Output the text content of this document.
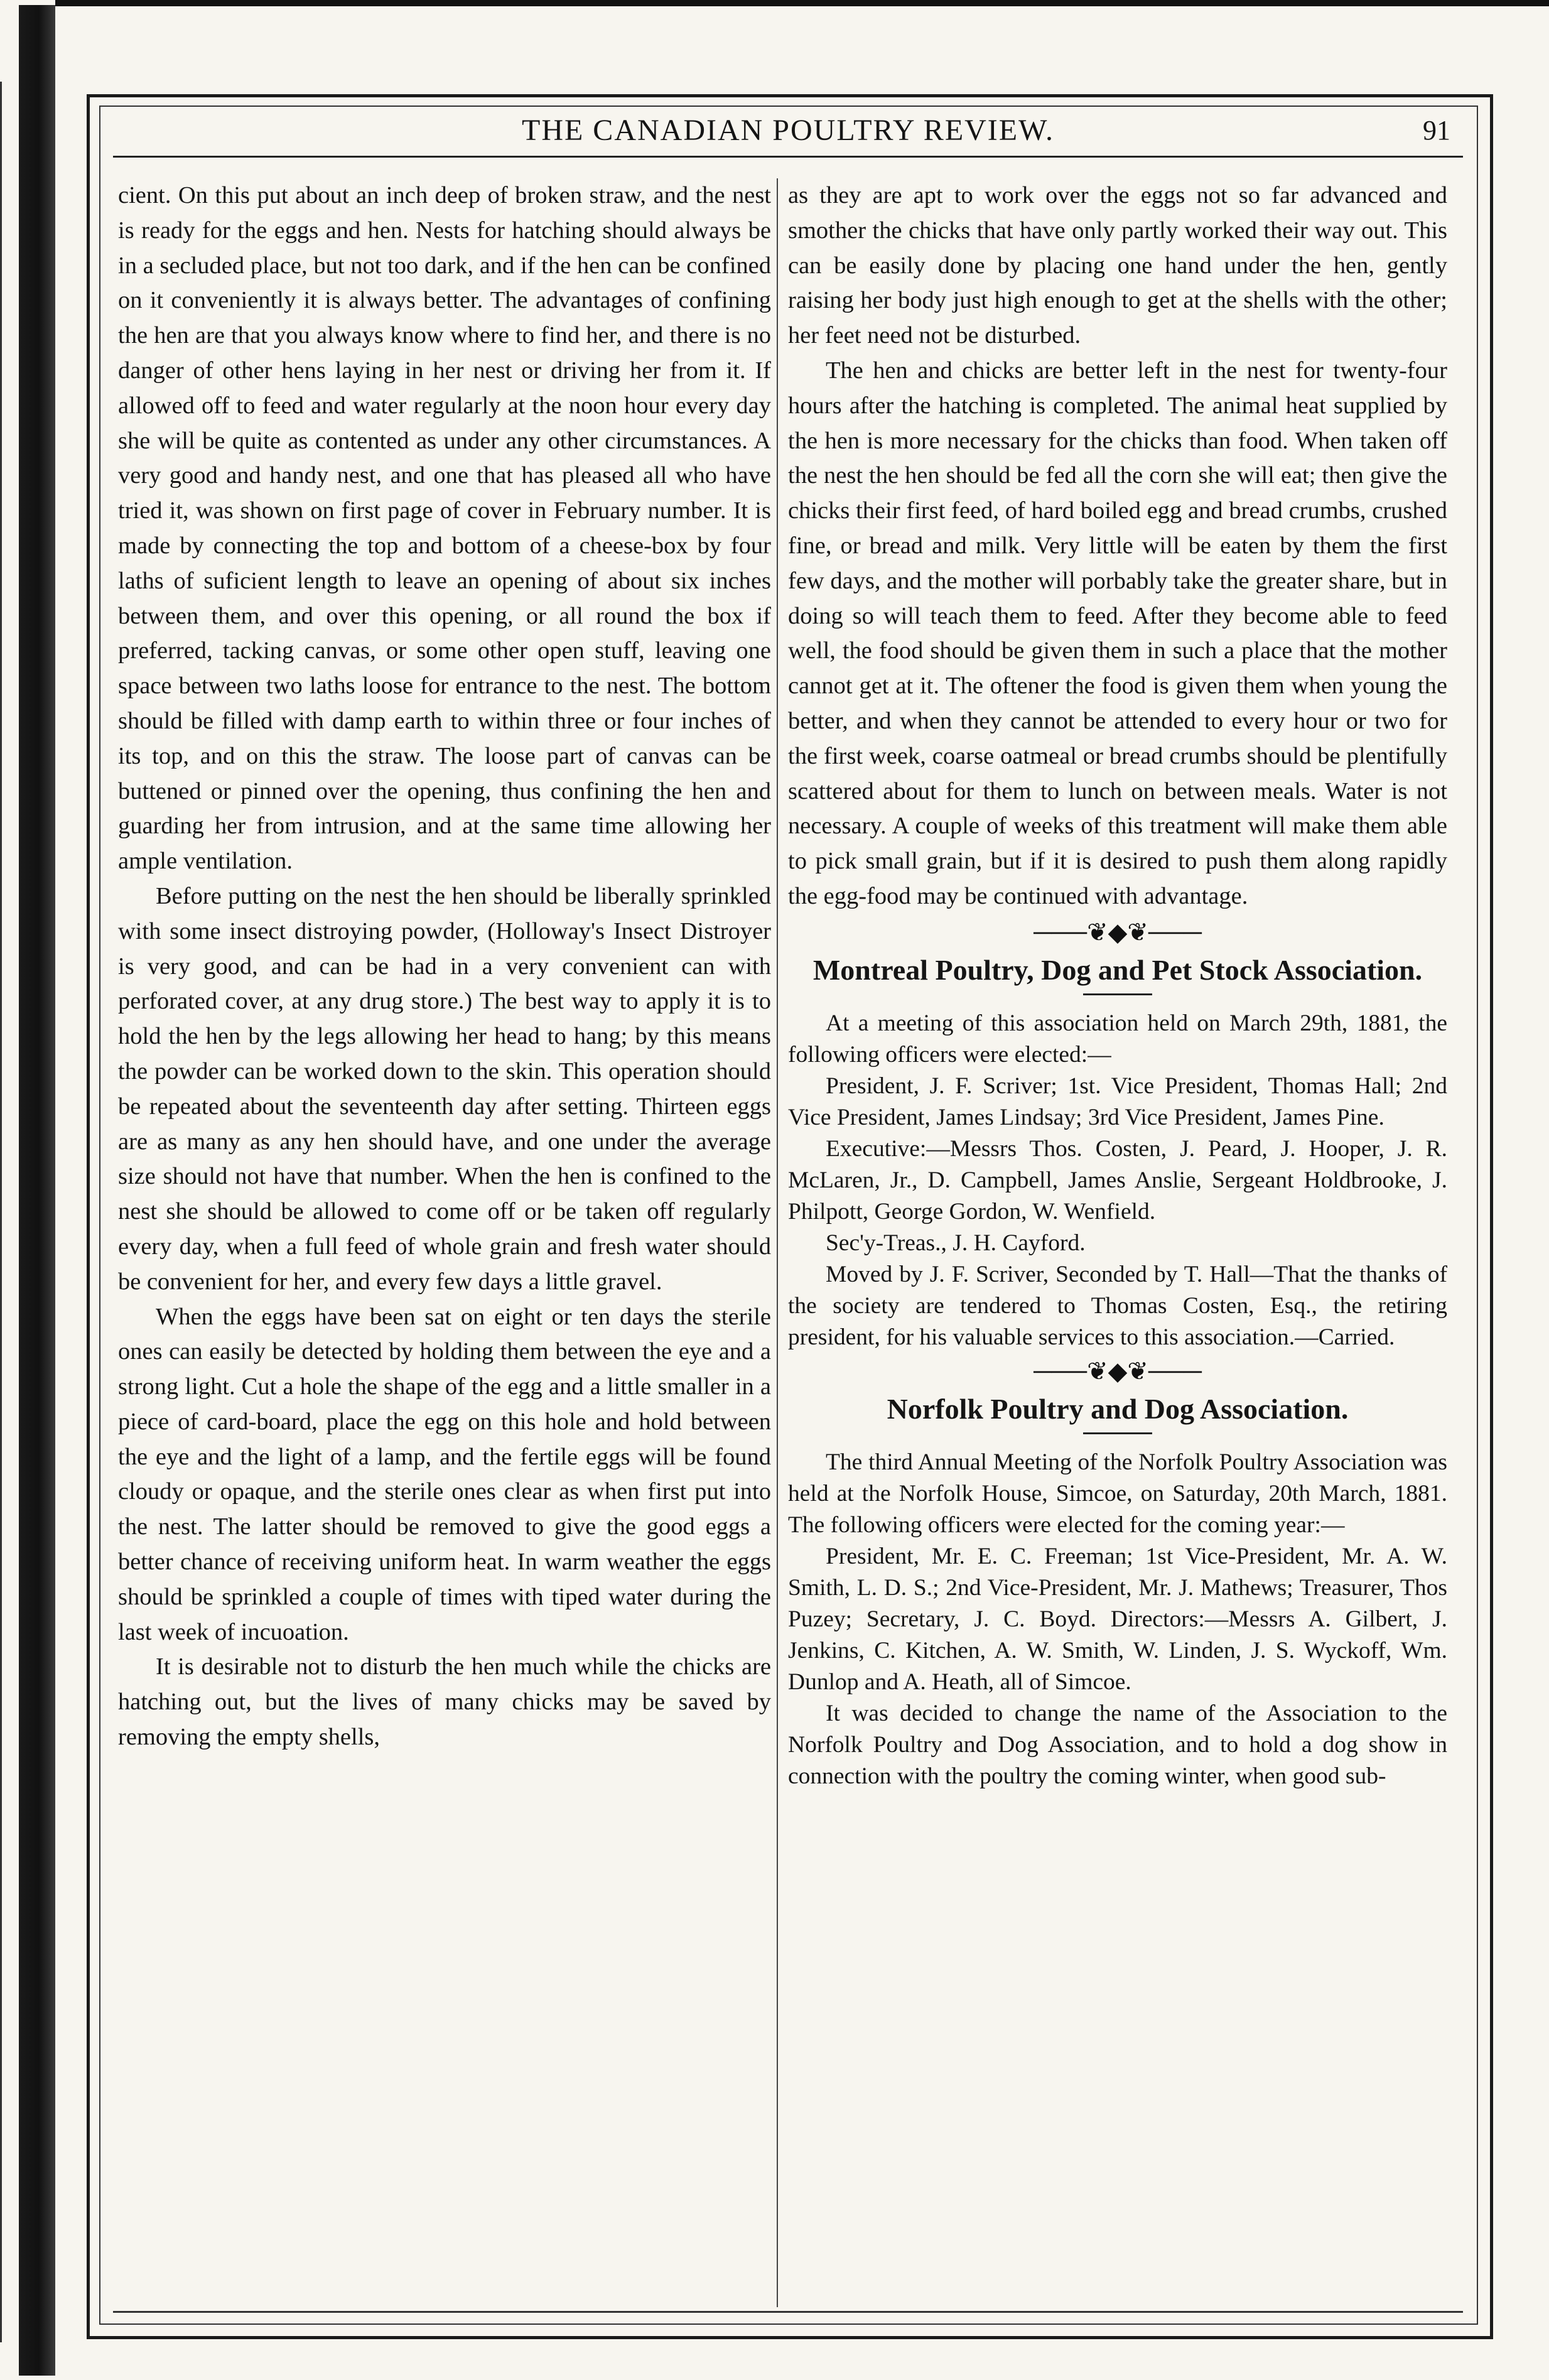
THE CANADIAN POULTRY REVIEW.	91

cient. On this put about an inch deep of broken straw, and the nest is ready for the eggs and hen. Nests for hatching should always be in a secluded place, but not too dark, and if the hen can be confined on it conveniently it is always better. The advantages of confining the hen are that you always know where to find her, and there is no danger of other hens laying in her nest or driving her from it. If allowed off to feed and water regularly at the noon hour every day she will be quite as contented as under any other circumstances. A very good and handy nest, and one that has pleased all who have tried it, was shown on first page of cover in February number. It is made by connecting the top and bottom of a cheese-box by four laths of suficient length to leave an opening of about six inches between them, and over this opening, or all round the box if preferred, tacking canvas, or some other open stuff, leaving one space between two laths loose for entrance to the nest. The bottom should be filled with damp earth to within three or four inches of its top, and on this the straw. The loose part of canvas can be buttened or pinned over the opening, thus confining the hen and guarding her from intrusion, and at the same time allowing her ample ventilation.

Before putting on the nest the hen should be liberally sprinkled with some insect distroying powder, (Holloway's Insect Distroyer is very good, and can be had in a very convenient can with perforated cover, at any drug store.) The best way to apply it is to hold the hen by the legs allowing her head to hang; by this means the powder can be worked down to the skin. This operation should be repeated about the seventeenth day after setting. Thirteen eggs are as many as any hen should have, and one under the average size should not have that number. When the hen is confined to the nest she should be allowed to come off or be taken off regularly every day, when a full feed of whole grain and fresh water should be convenient for her, and every few days a little gravel.

When the eggs have been sat on eight or ten days the sterile ones can easily be detected by holding them between the eye and a strong light. Cut a hole the shape of the egg and a little smaller in a piece of card-board, place the egg on this hole and hold between the eye and the light of a lamp, and the fertile eggs will be found cloudy or opaque, and the sterile ones clear as when first put into the nest. The latter should be removed to give the good eggs a better chance of receiving uniform heat. In warm weather the eggs should be sprinkled a couple of times with tiped water during the last week of incuoation.

It is desirable not to disturb the hen much while the chicks are hatching out, but the lives of many chicks may be saved by removing the empty shells,

as they are apt to work over the eggs not so far advanced and smother the chicks that have only partly worked their way out. This can be easily done by placing one hand under the hen, gently raising her body just high enough to get at the shells with the other; her feet need not be disturbed.

The hen and chicks are better left in the nest for twenty-four hours after the hatching is completed. The animal heat supplied by the hen is more necessary for the chicks than food. When taken off the nest the hen should be fed all the corn she will eat; then give the chicks their first feed, of hard boiled egg and bread crumbs, crushed fine, or bread and milk. Very little will be eaten by them the first few days, and the mother will porbably take the greater share, but in doing so will teach them to feed. After they become able to feed well, the food should be given them in such a place that the mother cannot get at it. The oftener the food is given them when young the better, and when they cannot be attended to every hour or two for the first week, coarse oatmeal or bread crumbs should be plentifully scattered about for them to lunch on between meals. Water is not necessary. A couple of weeks of this treatment will make them able to pick small grain, but if it is desired to push them along rapidly the egg-food may be continued with advantage.

───❦◆❦───

Montreal Poultry, Dog and Pet Stock Association.

At a meeting of this association held on March 29th, 1881, the following officers were elected:—

President, J. F. Scriver; 1st. Vice President, Thomas Hall; 2nd Vice President, James Lindsay; 3rd Vice President, James Pine.

Executive:—Messrs Thos. Costen, J. Peard, J. Hooper, J. R. McLaren, Jr., D. Campbell, James Anslie, Sergeant Holdbrooke, J. Philpott, George Gordon, W. Wenfield.

Sec'y-Treas., J. H. Cayford.

Moved by J. F. Scriver, Seconded by T. Hall—That the thanks of the society are tendered to Thomas Costen, Esq., the retiring president, for his valuable services to this association.—Carried.

───❦◆❦───

Norfolk Poultry and Dog Association.

The third Annual Meeting of the Norfolk Poultry Association was held at the Norfolk House, Simcoe, on Saturday, 20th March, 1881. The following officers were elected for the coming year:—

President, Mr. E. C. Freeman; 1st Vice-President, Mr. A. W. Smith, L. D. S.; 2nd Vice-President, Mr. J. Mathews; Treasurer, Thos Puzey; Secretary, J. C. Boyd. Directors:—Messrs A. Gilbert, J. Jenkins, C. Kitchen, A. W. Smith, W. Linden, J. S. Wyckoff, Wm. Dunlop and A. Heath, all of Simcoe.

It was decided to change the name of the Association to the Norfolk Poultry and Dog Association, and to hold a dog show in connection with the poultry the coming winter, when good sub-
